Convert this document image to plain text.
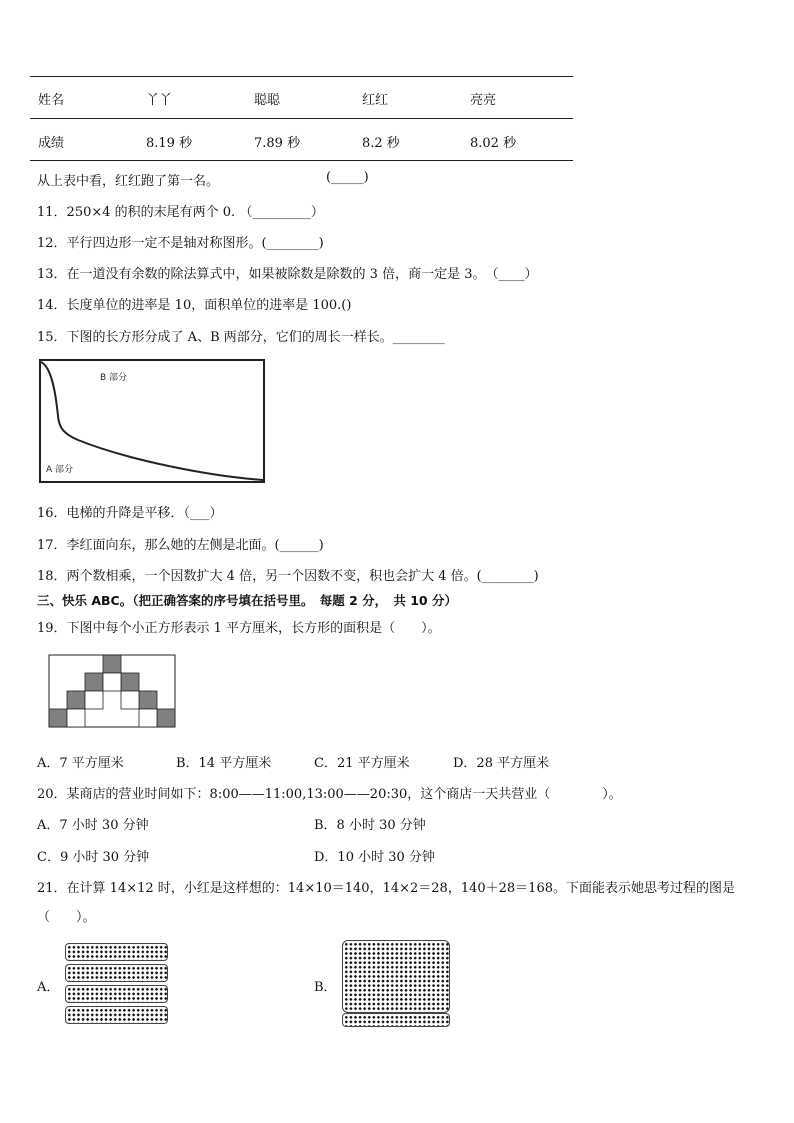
姓名	丫丫	聪聪	红红	亮亮
成绩	8.19 秒	7.89 秒	8.2 秒	8.02 秒
从上表中看，红红跑了第一名。	(_____)
11．250×4 的积的末尾有两个 0. （_________）
12．平行四边形一定不是轴对称图形。(________)
13．在一道没有余数的除法算式中，如果被除数是除数的 3 倍，商一定是 3。　（____）
14．长度单位的进率是 10，面积单位的进率是 100.()
15．下图的长方形分成了 A、B 两部分，它们的周长一样长。________
B 部分
A 部分
16．电梯的升降是平移．（___）
17．李红面向东，那么她的左侧是北面。(______)
18．两个数相乘，一个因数扩大 4 倍，另一个因数不变，积也会扩大 4 倍。(________)
三、快乐 ABC。（把正确答案的序号填在括号里。　每题 2 分，　共 10 分）
19．下图中每个小正方形表示 1 平方厘米，长方形的面积是（　　）。
A．7 平方厘米	B．14 平方厘米	C．21 平方厘米	D．28 平方厘米
20．某商店的营业时间如下：8:00——11:00,13:00——20:30，这个商店一天共营业（　　　　）。
A．7 小时 30 分钟	B．8 小时 30 分钟
C．9 小时 30 分钟	D．10 小时 30 分钟
21．在计算 14×12 时，小红是这样想的：14×10＝140，14×2＝28，140＋28＝168。下面能表示她思考过程的图是
（　　）。
A．	B．
